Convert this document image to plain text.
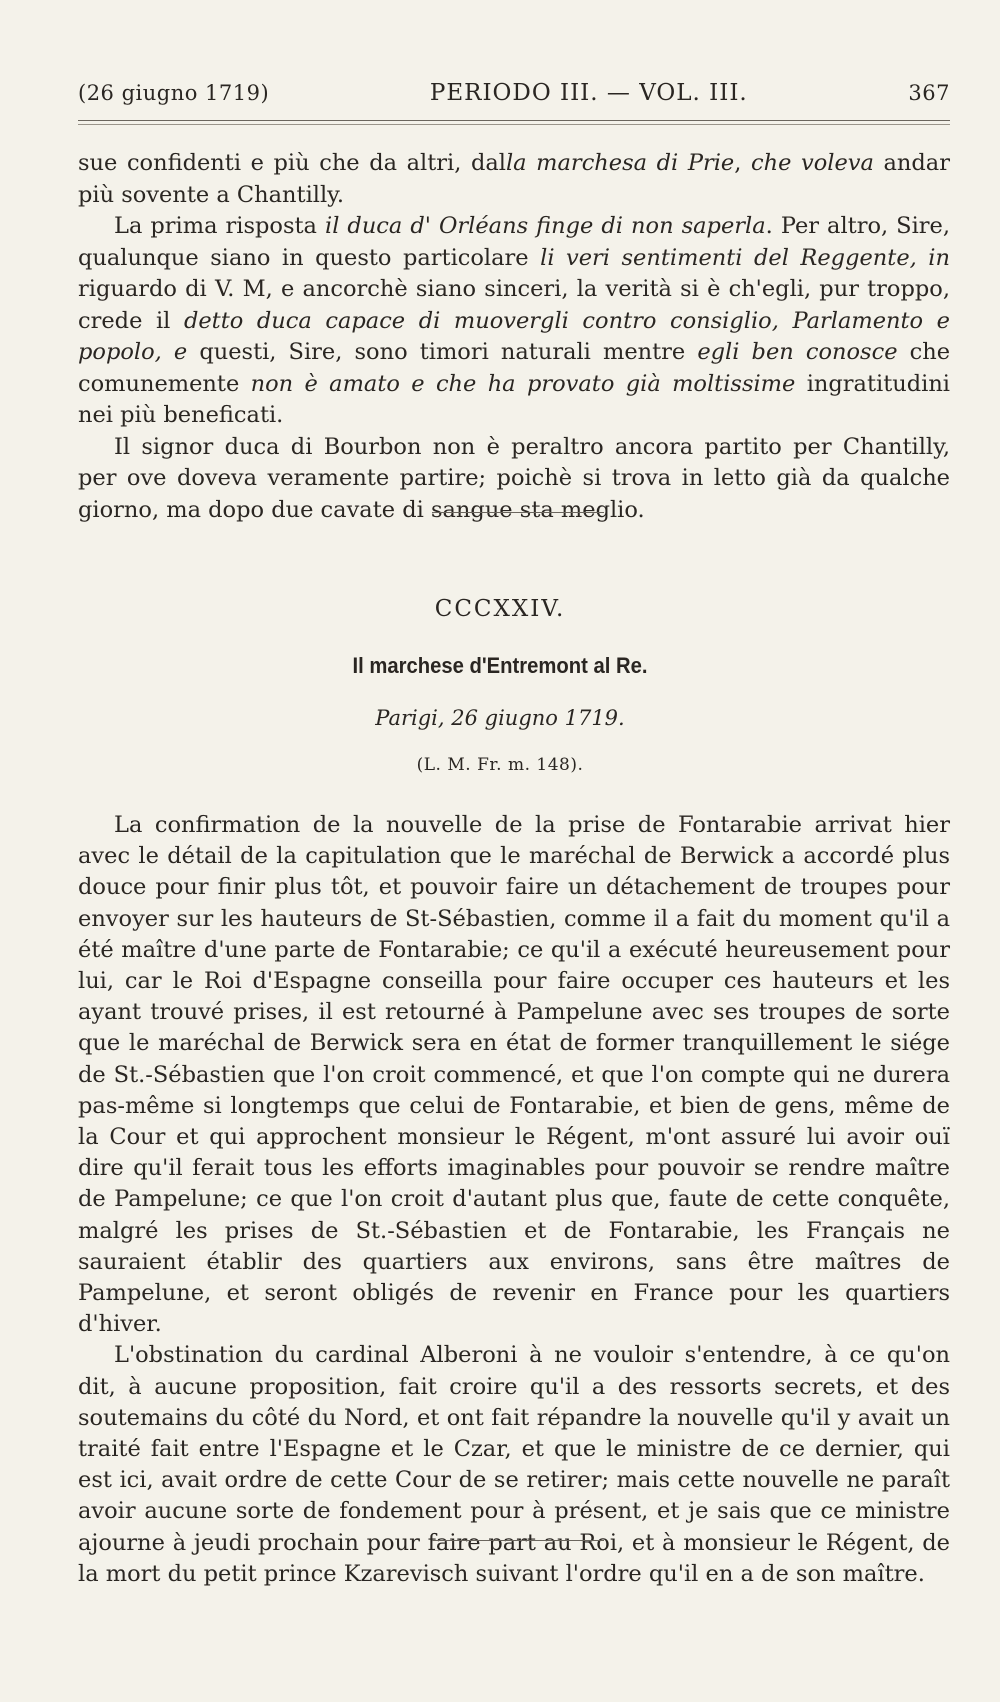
(26 giugno 1719)	PERIODO III. — VOL. III.	367

sue confidenti e più che da altri, dalla marchesa di Prie, che voleva andar più sovente a Chantilly.

La prima risposta il duca d' Orléans finge di non saperla. Per altro, Sire, qualunque siano in questo particolare li veri sentimenti del Reggente, in riguardo di V. M, e ancorchè siano sinceri, la verità si è ch'egli, pur troppo, crede il detto duca capace di muovergli contro consiglio, Parlamento e popolo, e questi, Sire, sono timori naturali mentre egli ben conosce che comunemente non è amato e che ha provato già moltissime ingratitudini nei più beneficati.

Il signor duca di Bourbon non è peraltro ancora partito per Chantilly, per ove doveva veramente partire; poichè si trova in letto già da qualche giorno, ma dopo due cavate di sangue sta meglio.

CCCXXIV.
Il marchese d'Entremont al Re.
Parigi, 26 giugno 1719.
(L. M. Fr. m. 148).

La confirmation de la nouvelle de la prise de Fontarabie arrivat hier avec le détail de la capitulation que le maréchal de Berwick a accordé plus douce pour finir plus tôt, et pouvoir faire un détachement de troupes pour envoyer sur les hauteurs de St-Sébastien, comme il a fait du moment qu'il a été maître d'une parte de Fontarabie; ce qu'il a exécuté heureusement pour lui, car le Roi d'Espagne conseilla pour faire occuper ces hauteurs et les ayant trouvé prises, il est retourné à Pampelune avec ses troupes de sorte que le maréchal de Berwick sera en état de former tranquillement le siége de St.-Sébastien que l'on croit commencé, et que l'on compte qui ne durera pas-même si longtemps que celui de Fontarabie, et bien de gens, même de la Cour et qui approchent monsieur le Régent, m'ont assuré lui avoir ouï dire qu'il ferait tous les efforts imaginables pour pouvoir se rendre maître de Pampelune; ce que l'on croit d'autant plus que, faute de cette conquête, malgré les prises de St.-Sébastien et de Fontarabie, les Français ne sauraient établir des quartiers aux environs, sans être maîtres de Pampelune, et seront obligés de revenir en France pour les quartiers d'hiver.

L'obstination du cardinal Alberoni à ne vouloir s'entendre, à ce qu'on dit, à aucune proposition, fait croire qu'il a des ressorts secrets, et des soutemains du côté du Nord, et ont fait répandre la nouvelle qu'il y avait un traité fait entre l'Espagne et le Czar, et que le ministre de ce dernier, qui est ici, avait ordre de cette Cour de se retirer; mais cette nouvelle ne paraît avoir aucune sorte de fondement pour à présent, et je sais que ce ministre ajourne à jeudi prochain pour faire part au Roi, et à monsieur le Régent, de la mort du petit prince Kzarevisch suivant l'ordre qu'il en a de son maître.
